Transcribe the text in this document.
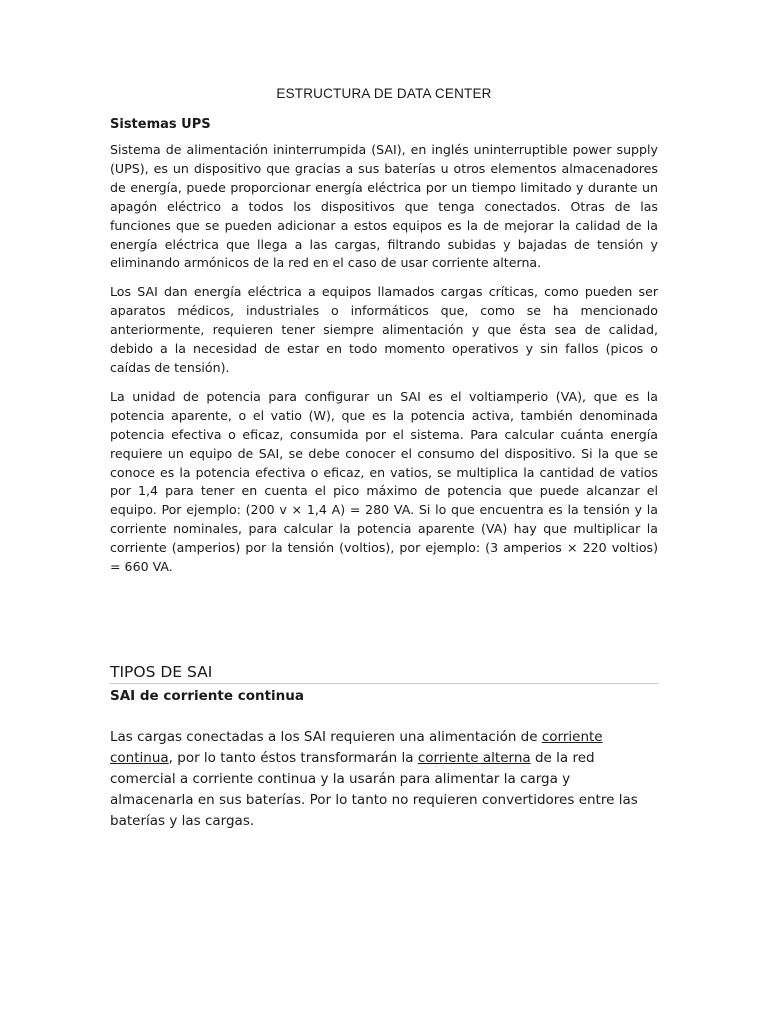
ESTRUCTURA DE DATA CENTER
Sistemas UPS

Sistema de alimentación ininterrumpida (SAI), en inglés uninterruptible power supply (UPS), es un dispositivo que gracias a sus baterías u otros elementos almacenadores de energía, puede proporcionar energía eléctrica por un tiempo limitado y durante un apagón eléctrico a todos los dispositivos que tenga conectados. Otras de las funciones que se pueden adicionar a estos equipos es la de mejorar la calidad de la energía eléctrica que llega a las cargas, filtrando subidas y bajadas de tensión y eliminando armónicos de la red en el caso de usar corriente alterna.

Los SAI dan energía eléctrica a equipos llamados cargas críticas, como pueden ser aparatos médicos, industriales o informáticos que, como se ha mencionado anteriormente, requieren tener siempre alimentación y que ésta sea de calidad, debido a la necesidad de estar en todo momento operativos y sin fallos (picos o caídas de tensión).

La unidad de potencia para configurar un SAI es el voltiamperio (VA), que es la potencia aparente, o el vatio (W), que es la potencia activa, también denominada potencia efectiva o eficaz, consumida por el sistema. Para calcular cuánta energía requiere un equipo de SAI, se debe conocer el consumo del dispositivo. Si la que se conoce es la potencia efectiva o eficaz, en vatios, se multiplica la cantidad de vatios por 1,4 para tener en cuenta el pico máximo de potencia que puede alcanzar el equipo. Por ejemplo: (200 v × 1,4 A) = 280 VA. Si lo que encuentra es la tensión y la corriente nominales, para calcular la potencia aparente (VA) hay que multiplicar la corriente (amperios) por la tensión (voltios), por ejemplo: (3 amperios × 220 voltios) = 660 VA.

TIPOS DE SAI
SAI de corriente continua

Las cargas conectadas a los SAI requieren una alimentación de corriente continua, por lo tanto éstos transformarán la corriente alterna de la red comercial a corriente continua y la usarán para alimentar la carga y almacenarla en sus baterías. Por lo tanto no requieren convertidores entre las baterías y las cargas.
